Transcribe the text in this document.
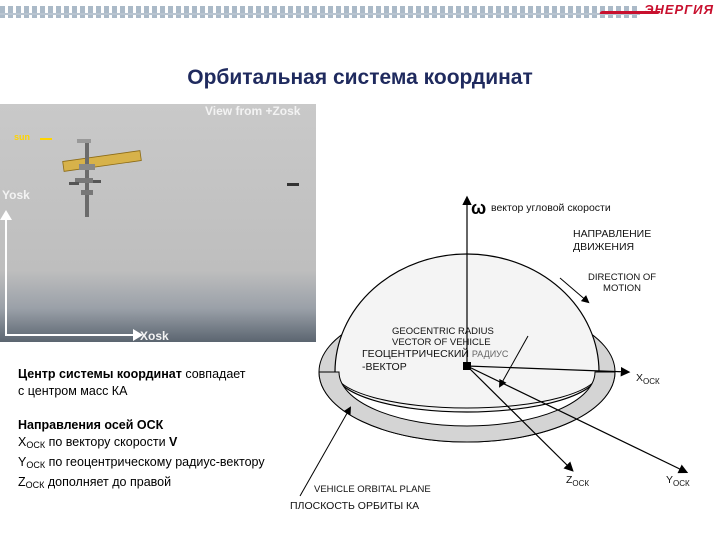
ЭНЕРГИЯ
Орбитальная система координат
View from +Zosk
sun
Yosk
Xosk
Центр системы координат совпадает
с центром масс КА
Направления осей ОСК
$X_{ОСК}$ по вектору скорости V
$Y_{ОСК}$ по геоцентрическому радиус-вектору
$Z_{ОСК}$ дополняет до правой
ω вектор угловой скорости
НАПРАВЛЕНИЕ
ДВИЖЕНИЯ
DIRECTION OF
MOTION
GEOCENTRIC RADIUS
VECTOR OF VEHICLE
ГЕОЦЕНТРИЧЕСКИЙ РАДИУС
-ВЕКТОР
$X_{ОСК}$
$Z_{ОСК}$	$Y_{ОСК}$
VEHICLE ORBITAL PLANE
ПЛОСКОСТЬ ОРБИТЫ КА
